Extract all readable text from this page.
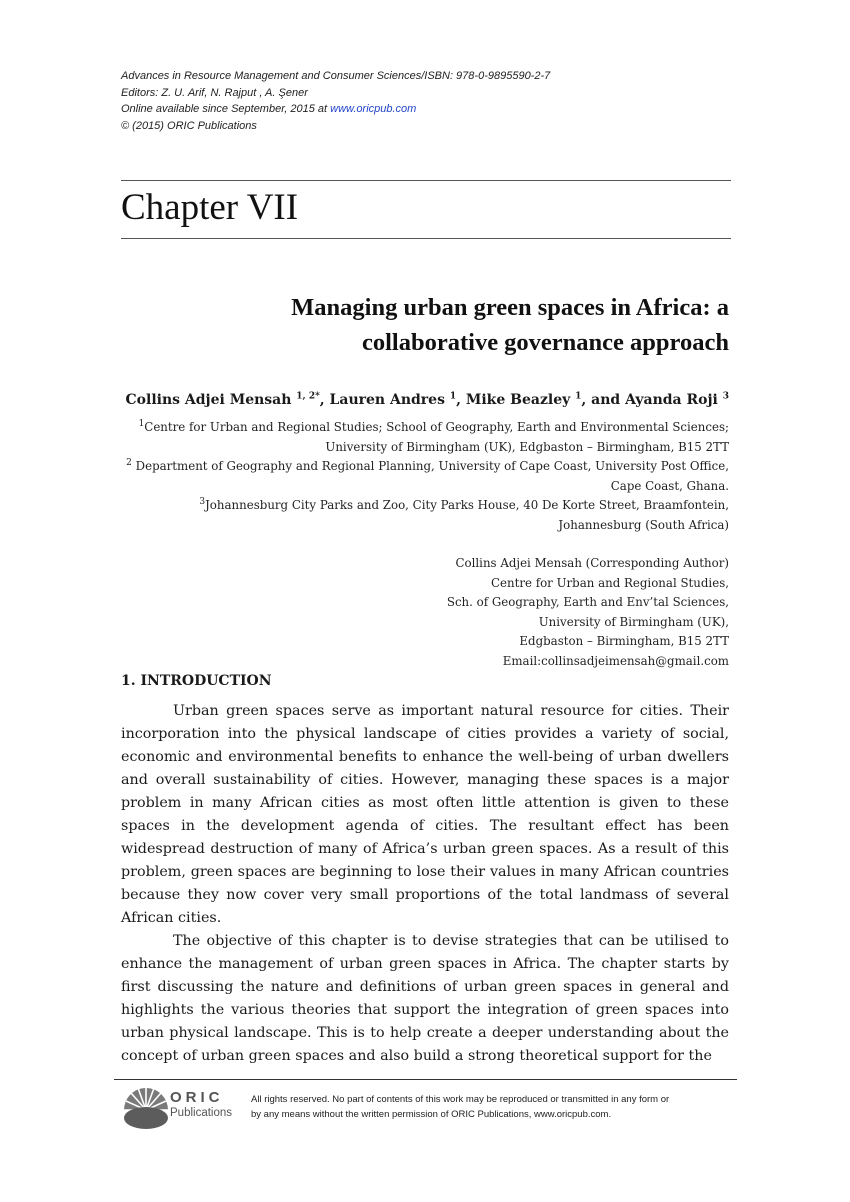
Advances in Resource Management and Consumer Sciences/ISBN: 978-0-9895590-2-7
Editors: Z. U. Arif, N. Rajput , A. Şener
Online available since September, 2015 at www.oricpub.com
© (2015) ORIC Publications
Chapter VII
Managing urban green spaces in Africa: a
collaborative governance approach
Collins Adjei Mensah $^{1, 2*}$, Lauren Andres $^1$, Mike Beazley $^1$, and Ayanda Roji $^3$
$^1$Centre for Urban and Regional Studies; School of Geography, Earth and Environmental Sciences;
University of Birmingham (UK), Edgbaston – Birmingham, B15 2TT
$^2$ Department of Geography and Regional Planning, University of Cape Coast, University Post Office,
Cape Coast, Ghana.
$^3$Johannesburg City Parks and Zoo, City Parks House, 40 De Korte Street, Braamfontein,
Johannesburg (South Africa)
Collins Adjei Mensah (Corresponding Author)
Centre for Urban and Regional Studies,
Sch. of Geography, Earth and Env’tal Sciences,
University of Birmingham (UK),
Edgbaston – Birmingham, B15 2TT
Email:collinsadjeimensah@gmail.com
1. INTRODUCTION

Urban green spaces serve as important natural resource for cities. Their incorporation into the physical landscape of cities provides a variety of social, economic and environmental benefits to enhance the well-being of urban dwellers and overall sustainability of cities. However, managing these spaces is a major problem in many African cities as most often little attention is given to these spaces in the development agenda of cities. The resultant effect has been widespread destruction of many of Africa’s urban green spaces. As a result of this problem, green spaces are beginning to lose their values in many African countries because they now cover very small proportions of the total landmass of several African cities.

The objective of this chapter is to devise strategies that can be utilised to enhance the management of urban green spaces in Africa. The chapter starts by first discussing the nature and definitions of urban green spaces in general and highlights the various theories that support the integration of green spaces into urban physical landscape. This is to help create a deeper understanding about the concept of urban green spaces and also build a strong theoretical support for the

ORIC
Publications
All rights reserved. No part of contents of this work may be reproduced or transmitted in any form or
by any means without the written permission of ORIC Publications, www.oricpub.com.
